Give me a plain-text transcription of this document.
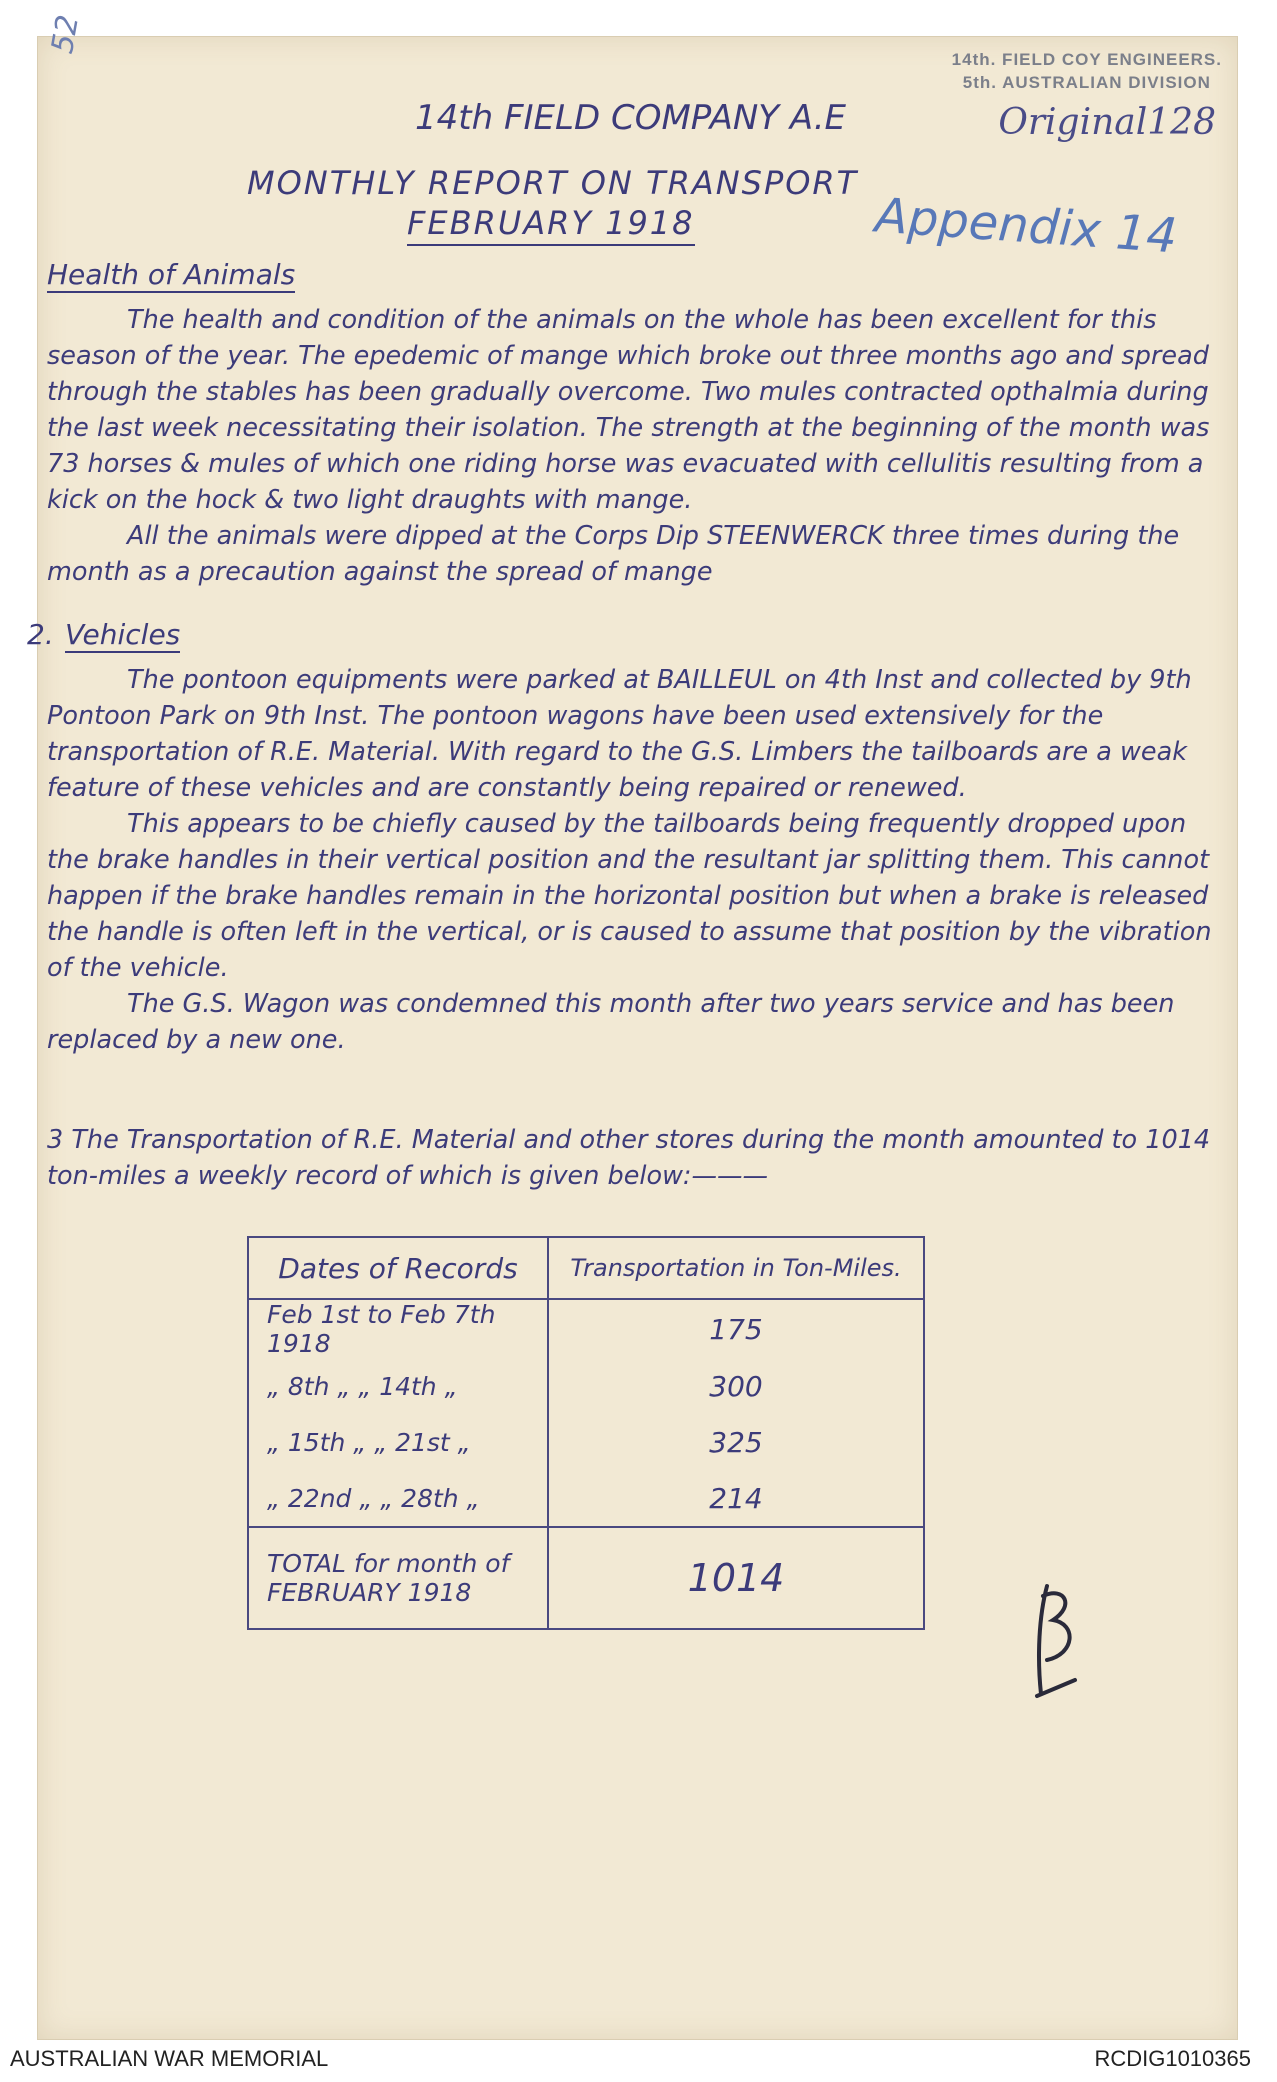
52
14th. FIELD COY ENGINEERS.
5th. AUSTRALIAN DIVISION
Original128
Appendix 14
14th FIELD COMPANY A.E
MONTHLY REPORT ON TRANSPORT
FEBRUARY 1918
Health of Animals

The health and condition of the animals on the whole has been excellent for this season of the year. The epedemic of mange which broke out three months ago and spread through the stables has been gradually overcome. Two mules contracted opthalmia during the last week necessitating their isolation. The strength at the beginning of the month was 73 horses & mules of which one riding horse was evacuated with cellulitis resulting from a kick on the hock & two light draughts with mange.

All the animals were dipped at the Corps Dip STEENWERCK three times during the month as a precaution against the spread of mange

2. Vehicles

The pontoon equipments were parked at BAILLEUL on 4th Inst and collected by 9th Pontoon Park on 9th Inst. The pontoon wagons have been used extensively for the transportation of R.E. Material. With regard to the G.S. Limbers the tailboards are a weak feature of these vehicles and are constantly being repaired or renewed.

This appears to be chiefly caused by the tailboards being frequently dropped upon the brake handles in their vertical position and the resultant jar splitting them. This cannot happen if the brake handles remain in the horizontal position but when a brake is released the handle is often left in the vertical, or is caused to assume that position by the vibration of the vehicle.

The G.S. Wagon was condemned this month after two years service and has been replaced by a new one.

3 The Transportation of R.E. Material and other stores during the month amounted to 1014 ton-miles a weekly record of which is given below:———
Dates of Records	Transportation in Ton-Miles.
Feb 1st to Feb 7th 1918	175
„ 8th „ „ 14th „	300
„ 15th „ „ 21st „	325
„ 22nd „ „ 28th „	214
TOTAL for month of FEBRUARY 1918	1014
AUSTRALIAN WAR MEMORIAL	RCDIG1010365
